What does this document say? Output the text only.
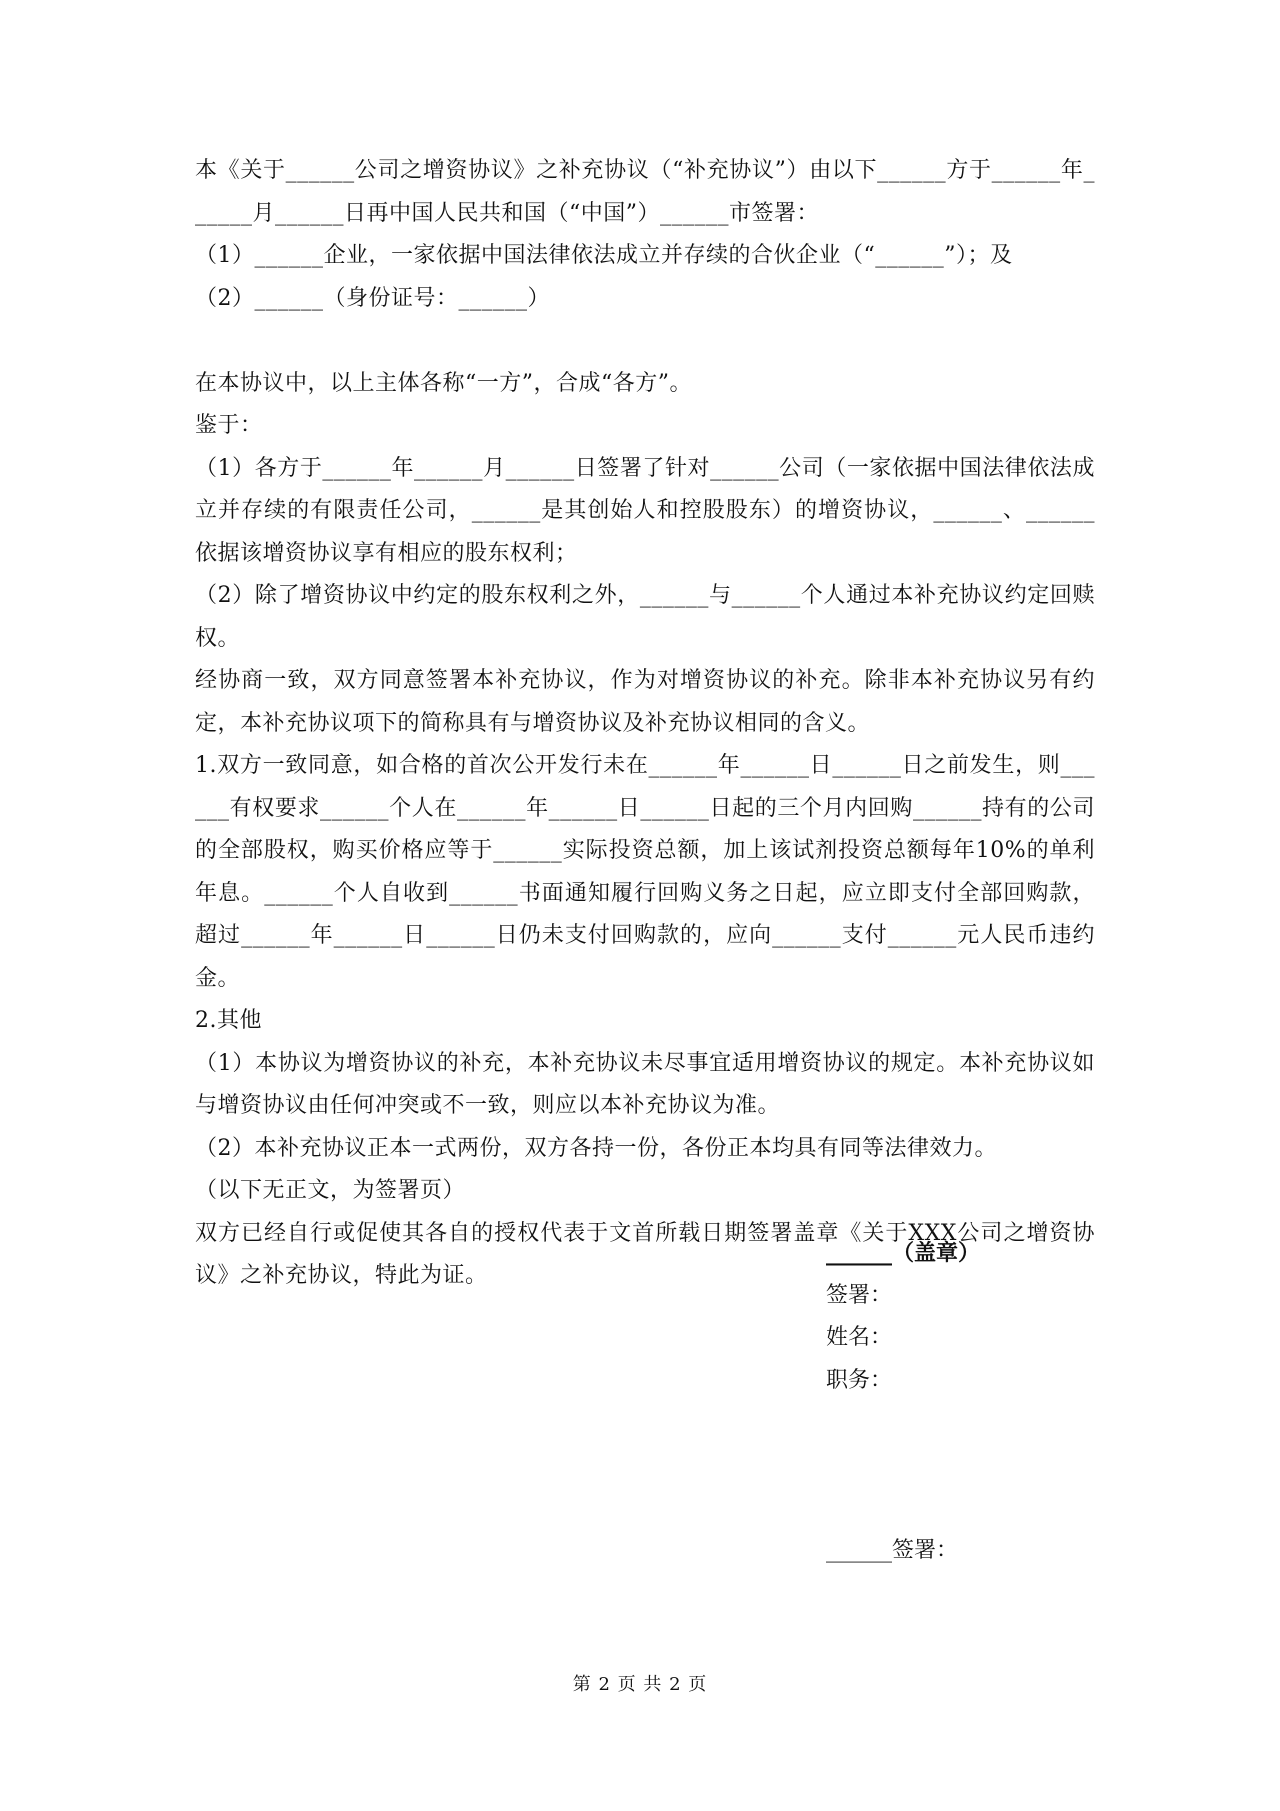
本《关于______公司之增资协议》之补充协议（“补充协议”）由以下______方于______年______月______日再中国人民共和国（“中国”）______市签署：

（1）______企业，一家依据中国法律依法成立并存续的合伙企业（“______”）；及

（2）______（身份证号：______）

在本协议中，以上主体各称“一方”，合成“各方”。

鉴于：

（1）各方于______年______月______日签署了针对______公司（一家依据中国法律依法成立并存续的有限责任公司，______是其创始人和控股股东）的增资协议，______、______依据该增资协议享有相应的股东权利；

（2）除了增资协议中约定的股东权利之外，______与______个人通过本补充协议约定回赎权。

经协商一致，双方同意签署本补充协议，作为对增资协议的补充。除非本补充协议另有约定，本补充协议项下的简称具有与增资协议及补充协议相同的含义。

1.双方一致同意，如合格的首次公开发行未在______年______日______日之前发生，则______有权要求______个人在______年______日______日起的三个月内回购______持有的公司的全部股权，购买价格应等于______实际投资总额，加上该试剂投资总额每年10%的单利年息。______个人自收到______书面通知履行回购义务之日起，应立即支付全部回购款，超过______年______日______日仍未支付回购款的，应向______支付______元人民币违约金。

2.其他

（1）本协议为增资协议的补充，本补充协议未尽事宜适用增资协议的规定。本补充协议如与增资协议由任何冲突或不一致，则应以本补充协议为准。

（2）本补充协议正本一式两份，双方各持一份，各份正本均具有同等法律效力。

（以下无正文，为签署页）

双方已经自行或促使其各自的授权代表于文首所载日期签署盖章《关于XXX公司之增资协议》之补充协议，特此为证。

______（盖章）

签署：

姓名：

职务：

______签署：

第 2 页 共 2 页
